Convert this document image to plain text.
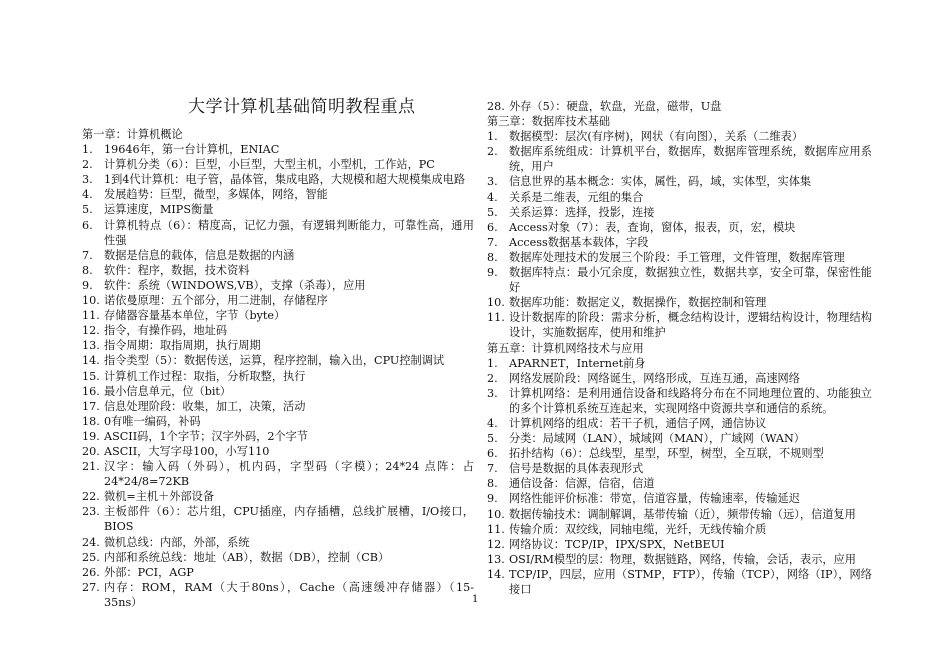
大学计算机基础简明教程重点
第一章：计算机概论
1.	19646年，第一台计算机，ENIAC
2.	计算机分类（6）：巨型，小巨型，大型主机，小型机，工作站，PC
3.	1到4代计算机：电子管，晶体管，集成电路，大规模和超大规模集成电路
4.	发展趋势：巨型，微型，多媒体，网络，智能
5.	运算速度，MIPS衡量
6.	计算机特点（6）：精度高，记忆力强，有逻辑判断能力，可靠性高，通用性强
7.	数据是信息的载体，信息是数据的内涵
8.	软件：程序，数据，技术资料
9.	软件：系统（WINDOWS,VB），支撑（杀毒），应用
10. 诺依曼原理：五个部分，用二进制，存储程序
11. 存储器容量基本单位，字节（byte）
12. 指令，有操作码，地址码
13. 指令周期：取指周期，执行周期
14. 指令类型（5）：数据传送，运算，程序控制，输入出，CPU控制调试
15. 计算机工作过程：取指，分析取整，执行
16. 最小信息单元，位（bit）
17. 信息处理阶段：收集，加工，决策，活动
18. 0有唯一编码，补码
19. ASCII码，1个字节；汉字外码，2个字节
20. ASCII，大写字母100，小写110
21. 汉字：输入码（外码），机内码，字型码（字模）；24*24 点阵：占24*24/8=72KB
22. 微机=主机＋外部设备
23. 主板部件（6）：芯片组，CPU插座，内存插槽，总线扩展槽，I/O接口，BIOS
24. 微机总线：内部，外部，系统
25. 内部和系统总线：地址（AB），数据（DB），控制（CB）
26. 外部：PCI，AGP
27. 内存：ROM，RAM（大于80ns），Cache（高速缓冲存储器）（15-35ns）
28. 外存（5）：硬盘，软盘，光盘，磁带，U盘
第三章：数据库技术基础
1.	数据模型：层次(有序树)，网状（有向图），关系（二维表）
2.	数据库系统组成：计算机平台，数据库，数据库管理系统，数据库应用系统，用户
3.	信息世界的基本概念：实体，属性，码，域，实体型，实体集
4.	关系是二维表，元组的集合
5.	关系运算：选择，投影，连接
6.	Access对象（7）：表，查询，窗体，报表，页，宏，模块
7.	Access数据基本载体，字段
8.	数据库处理技术的发展三个阶段：手工管理，文件管理，数据库管理
9.	数据库特点：最小冗余度，数据独立性，数据共享，安全可靠，保密性能好
10. 数据库功能：数据定义，数据操作，数据控制和管理
11. 设计数据库的阶段：需求分析，概念结构设计，逻辑结构设计，物理结构设计，实施数据库，使用和维护
第五章：计算机网络技术与应用
1.	APARNET，Internet前身
2.	网络发展阶段：网络诞生，网络形成，互连互通，高速网络
3.	计算机网络：是利用通信设备和线路将分布在不同地理位置的、功能独立的多个计算机系统互连起来，实现网络中资源共享和通信的系统。
4.	计算机网络的组成：若干子机，通信子网，通信协议
5.	分类：局域网（LAN），城域网（MAN），广域网（WAN）
6.	拓扑结构（6）：总线型，星型，环型，树型，全互联，不规则型
7.	信号是数据的具体表现形式
8.	通信设备：信源，信宿，信道
9.	网络性能评价标准：带宽，信道容量，传输速率，传输延迟
10. 数据传输技术：调制解调，基带传输（近），频带传输（远），信道复用
11. 传输介质：双绞线，同轴电缆，光纤，无线传输介质
12. 网络协议：TCP/IP，IPX/SPX，NetBEUI
13. OSI/RM模型的层：物理，数据链路，网络，传输，会话，表示，应用
14. TCP/IP，四层，应用（STMP，FTP），传输（TCP），网络（IP），网络接口
1
